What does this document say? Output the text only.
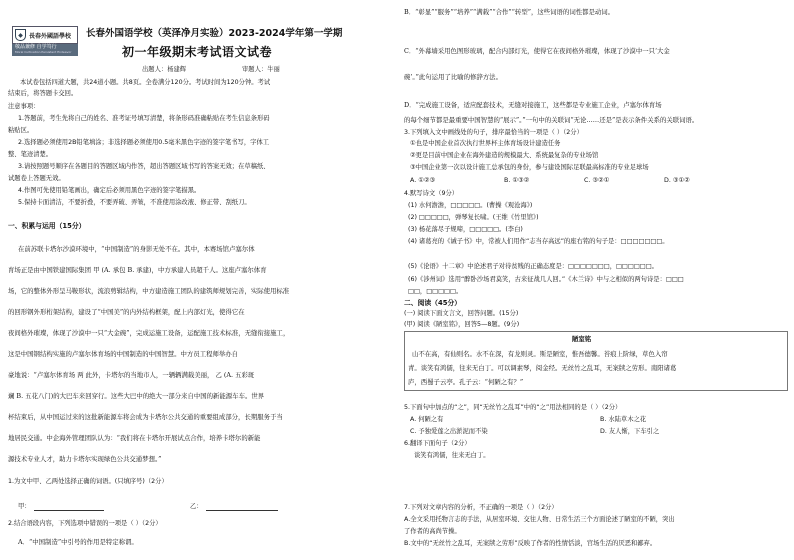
◆	長春外國語學校
敬品兼修 自学笃行
Moral Cultivation Persistent Endeavor
长春外国语学校（英泽净月实验）2023-2024学年第一学期
初一年级期末考试语文试卷
出题人：杨建辉	审题人：牛丽
本试卷包括四道大题，共24道小题。共8页。全卷满分120分。考试时间为120分钟。考试
结束后，将答题卡交回。
注意事项：
1.答题前，考生先将自己的姓名、准考证号填写清楚，将条形码准确粘贴在考生信息条形码
粘贴区。
2.选择题必须使用2B铅笔填涂；非选择题必须使用0.5毫米黑色字迹的签字笔书写，字体工
整、笔迹清楚。
3.请按照题号顺序在各题目的答题区域内作答，超出答题区域书写的答案无效；在草稿纸、
试题卷上答题无效。
4.作图可先使用铅笔画出，确定后必须用黑色字迹的签字笔描黑。
5.保持卡面清洁，不要折叠，不要弄破、弄皱，不准使用涂改液、修正带、刮纸刀。
一、积累与运用（15分）
在前苏联卡塔尔沙漠环境中，“中国制造”的身影无处不在。其中，本赛场馆卢塞尔体
育场正是由中国铁建国际集团 甲 (A. 承包 B. 承建)，中方承建人员超千人。这座卢塞尔体育
场，它的整体外形呈马鞍形状，流浪剪辑结构，中方建造施工团队的建筑师规划完善，实际使用标准
的回形钢外形桁架结构，建设了“中国美”的内外结构框架，配上内部灯光，使得它在
夜间格外璀璨，体现了沙漠中一只“大金碗”，完成运施工设备，运配施工技术标准，无缝衔接施工，
这是中国钢结构实施的卢塞尔体育场的中国制造的中国智慧。中方员工程师举办自
豪地说：“卢塞尔体育场 两 此外，卡塔尔的当地市人，一辆辆满载美丽， 乙 (A. 五彩斑
斓 B. 五花八门)的大巴车来回穿行。这些大巴中的绝大一部分来自中国的新能源车车。世界
杯结束后，从中国运过来的这批新能源车将会成为卡塔尔公共交通的重要组成部分，长期服务于当
地居民交通。中企海外管理团队认为：“我们将在卡塔尔开展试点合作，培养卡塔尔的新能
源技术专业人才，助力卡塔尔实现绿色公共交通梦想。”
1.为文中甲、乙两处选择正确的词语。(只填序号)（2分）
甲：	乙：
2.结合语段内容，下列选项中错误的一项是（ ）（2分）
A．“中国制造”中引号的作用是特定称谓。
B．“彰显”“服务”“培养”“满载”“合作”“转型”，这些词语的词性都是动词。
C．“外幕墙采用色图形玻璃，配合内部灯光，使得它在夜间格外璀璨，体现了沙漠中一只‘大金
碗’。”此句运用了比喻的修辞方法。
D．“完成施工设备，适应配套技术，无缝对接施工，这些都是专业施工企业，卢塞尔体育场
的每个细节都是最重要中国智慧的“展示”。”一句中的关联词“无论……还是”是表示条件关系的关联词语。
3.下列填入文中画线处的句子，排序最恰当的一项是（ ）（2分）
①也是中国企业首次执行世界杯主体育场设计建造任务
②更是目前中国企业在海外建造的规模最大、系统最复杂的专业场馆
③中国企业第一次以设计施工总承包的身份，参与建设国际足联最高标准的专业足球场
A. ①②③	B. ①③②	C. ③②①	D. ③①②
4.默写诗文（9分）
(1) 水何澹澹，□□□□□。(曹操《观沧海》)
(2) □□□□□，弹琴复长啸。(王维《竹里馆》)
(3) 杨花落尽子规啼，□□□□□。(李白)
(4) 诸葛亮的《诫子书》中，常被人们用作“志当存高远”的座右铭的句子是：□□□□□□□。
(5)《论语》十二章》中论述君子对待贫贱的正确态度是：□□□□□□□，□□□□□□。
(6)《涉州词》选用“醉卧沙场君莫笑，古来征战几人回。”《木兰诗》中与之相似的两句诗是：□□□
□□，□□□□□。
二、阅读（45分）
(一) 阅读下面文言文，回答问题。(15分)
(甲) 阅读《陋室铭》，回答5—8题。(9分)
陋室铭
山不在高，有仙则名。水不在深，有龙则灵。斯是陋室，惟吾德馨。苔痕上阶绿，草色入帘
青。谈笑有鸿儒，往来无白丁。可以调素琴，阅金经。无丝竹之乱耳，无案牍之劳形。南阳诸葛
庐，西蜀子云亭。孔子云：“何陋之有？”
5.下面句中加点的“之”，同“无丝竹之乱耳”中的“之”用法相同的是（ ）（2分）
A. 何陋之有	B. 水陆草木之花
C. 予独爱莲之出淤泥而不染	D. 友人惭，下车引之
6.翻译下面句子（2分）
谈笑有鸿儒，往来无白丁。
7.下列对文章内容的分析，不正确的一项是（ ）（2分）
A.全文采用托物言志的手法，从居室环境、交往人物、日常生活三个方面论述了陋室的不陋，突出
了作者的高尚节操。
B.文中的“无丝竹之乱耳，无案牍之劳形”反映了作者的性情恬淡，官场生活的厌恶和鄙弃。
